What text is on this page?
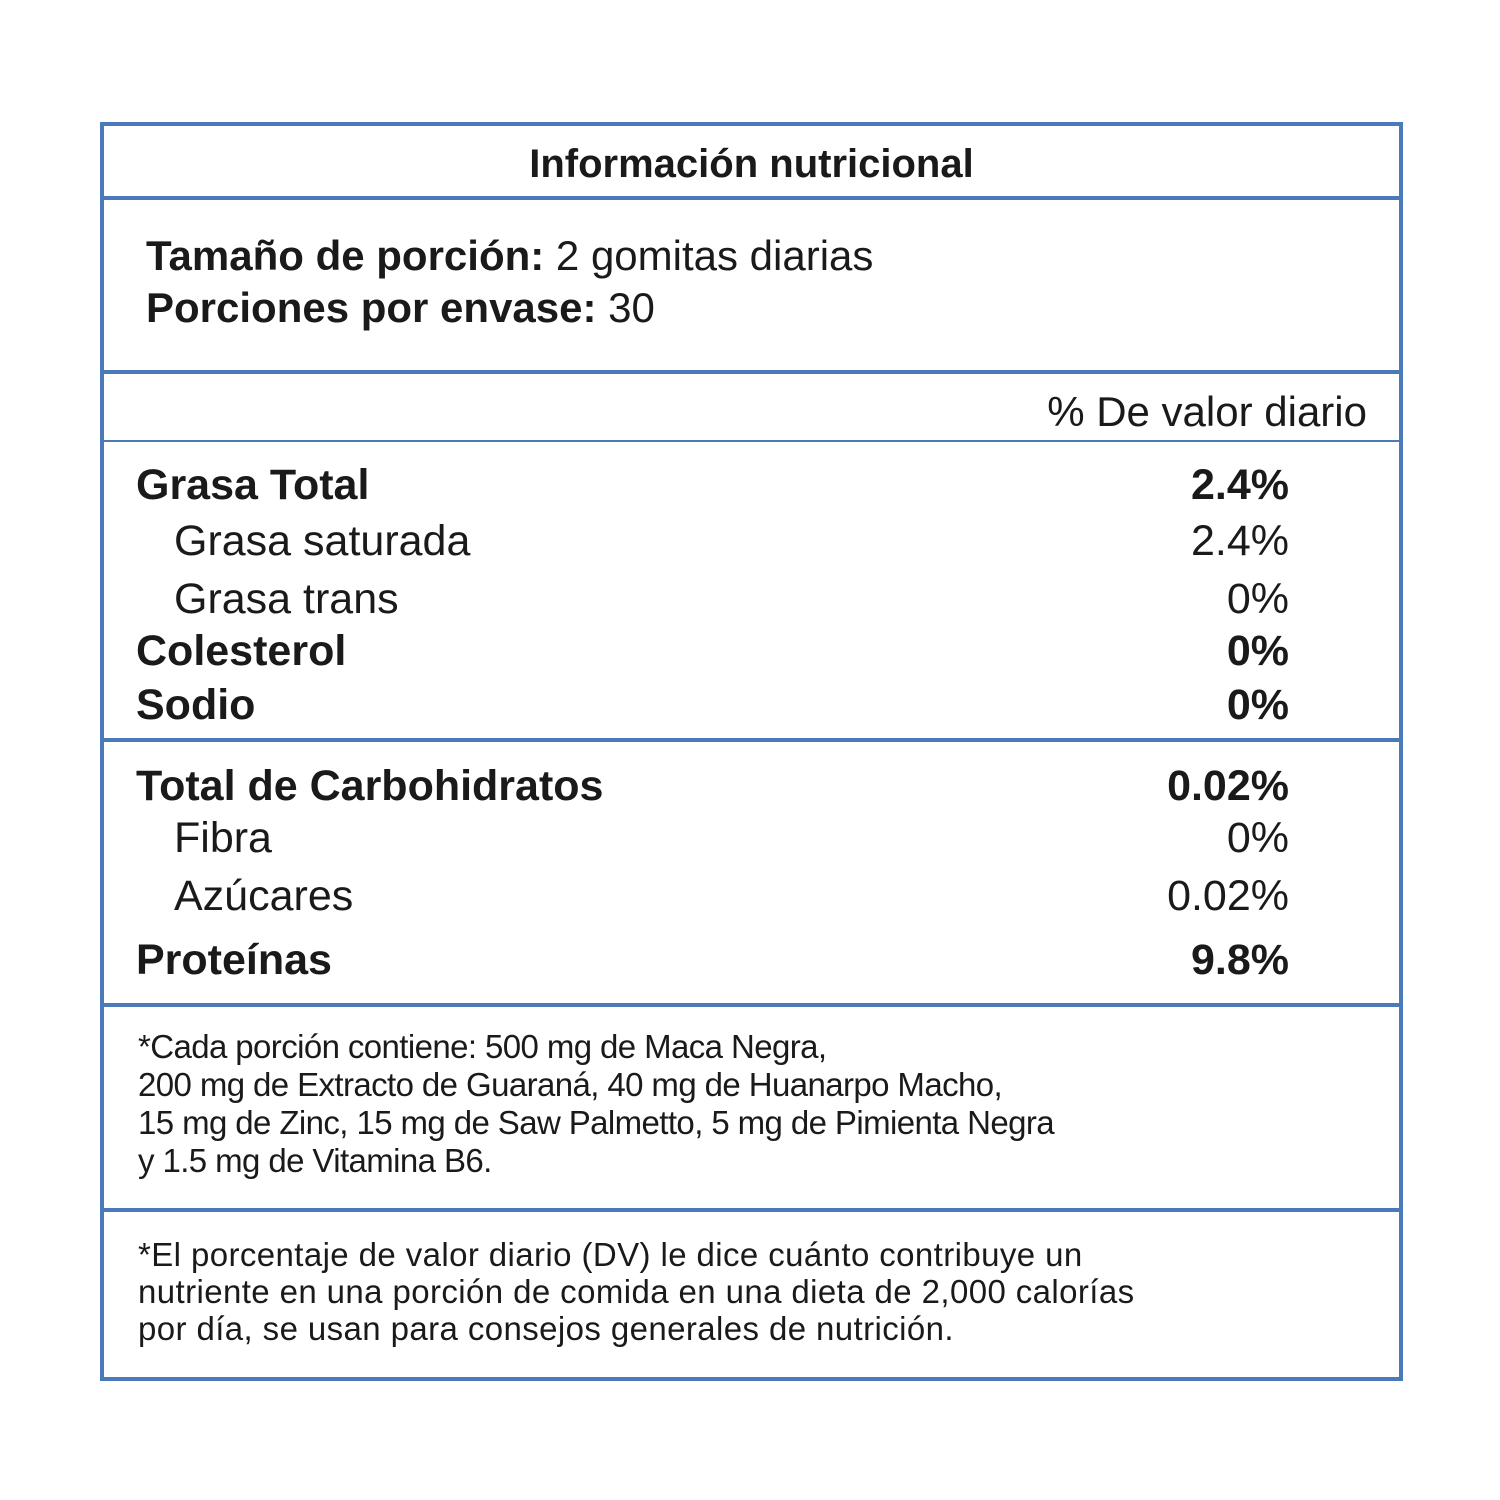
Información nutricional
Tamaño de porción: 2 gomitas diarias
Porciones por envase: 30
% De valor diario
Grasa Total	2.4%
Grasa saturada	2.4%
Grasa trans	0%
Colesterol	0%
Sodio	0%
Total de Carbohidratos	0.02%
Fibra	0%
Azúcares	0.02%
Proteínas	9.8%
*Cada porción contiene: 500 mg de Maca Negra,
200 mg de Extracto de Guaraná, 40 mg de Huanarpo Macho,
15 mg de Zinc, 15 mg de Saw Palmetto, 5 mg de Pimienta Negra
y 1.5 mg de Vitamina B6.
*El porcentaje de valor diario (DV) le dice cuánto contribuye un
nutriente en una porción de comida en una dieta de 2,000 calorías
por día, se usan para consejos generales de nutrición.
